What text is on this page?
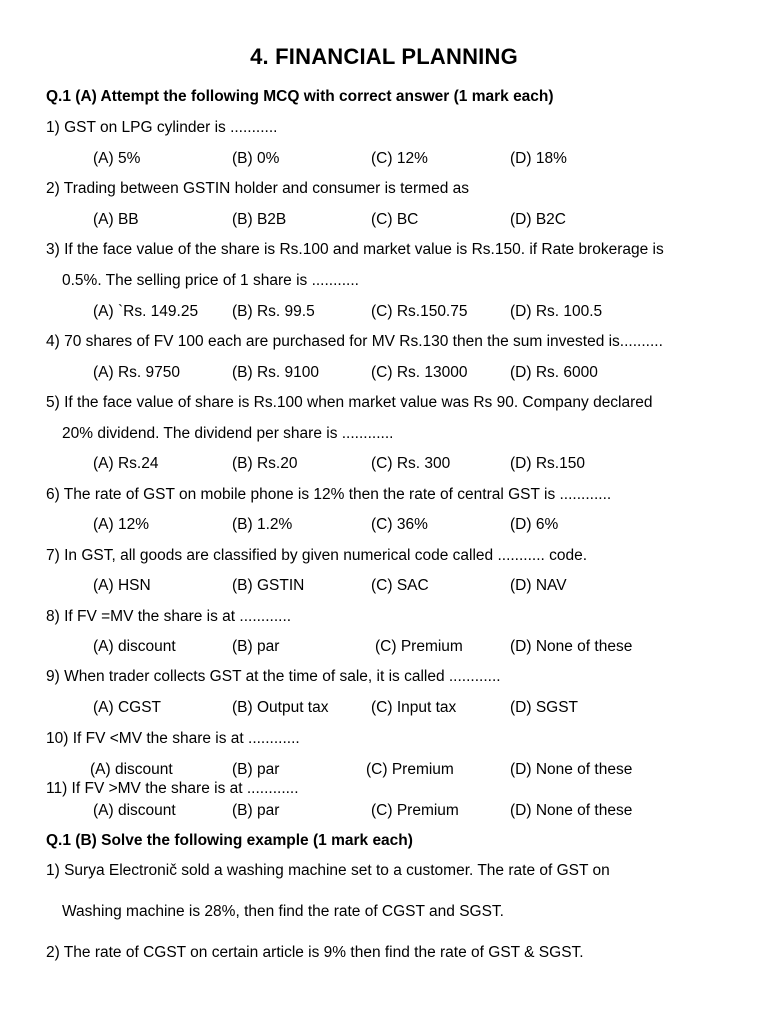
4. FINANCIAL PLANNING
Q.1 (A) Attempt the following MCQ with correct answer (1 mark each)
1) GST on LPG cylinder is ...........
(A) 5%	(B) 0%	(C) 12%	(D) 18%
2) Trading between GSTIN holder and consumer is termed as
(A) BB	(B) B2B	(C) BC	(D) B2C
3) If the face value of the share is Rs.100 and market value is Rs.150. if Rate brokerage is
0.5%. The selling price of 1 share is ...........
(A) `Rs. 149.25 (B) Rs. 99.5	(C) Rs.150.75	(D) Rs. 100.5
4) 70 shares of FV 100 each are purchased for MV Rs.130 then the sum invested is..........
(A) Rs. 9750	(B) Rs. 9100	(C) Rs. 13000	(D) Rs. 6000
5) If the face value of share is Rs.100 when market value was Rs 90. Company declared
20% dividend. The dividend per share is ............
(A) Rs.24	(B) Rs.20	(C) Rs. 300	(D) Rs.150
6) The rate of GST on mobile phone is 12% then the rate of central GST is ............
(A) 12%	(B) 1.2%	(C) 36%	(D) 6%
7) In GST, all goods are classified by given numerical code called ........... code.
(A) HSN	(B) GSTIN	(C) SAC	(D) NAV
8) If FV =MV the share is at ............
(A) discount	(B) par	(C) Premium	(D) None of these
9) When trader collects GST at the time of sale, it is called ............
(A) CGST	(B) Output tax	(C) Input tax	(D) SGST
10) If FV <MV the share is at ............
(A) discount	(B) par	(C) Premium	(D) None of these
11) If FV >MV the share is at ............
(A) discount	(B) par	(C) Premium	(D) None of these
Q.1 (B) Solve the following example (1 mark each)
1) Surya Electronič sold a washing machine set to a customer. The rate of GST on
Washing machine is 28%, then find the rate of CGST and SGST.
2) The rate of CGST on certain article is 9% then find the rate of GST & SGST.
